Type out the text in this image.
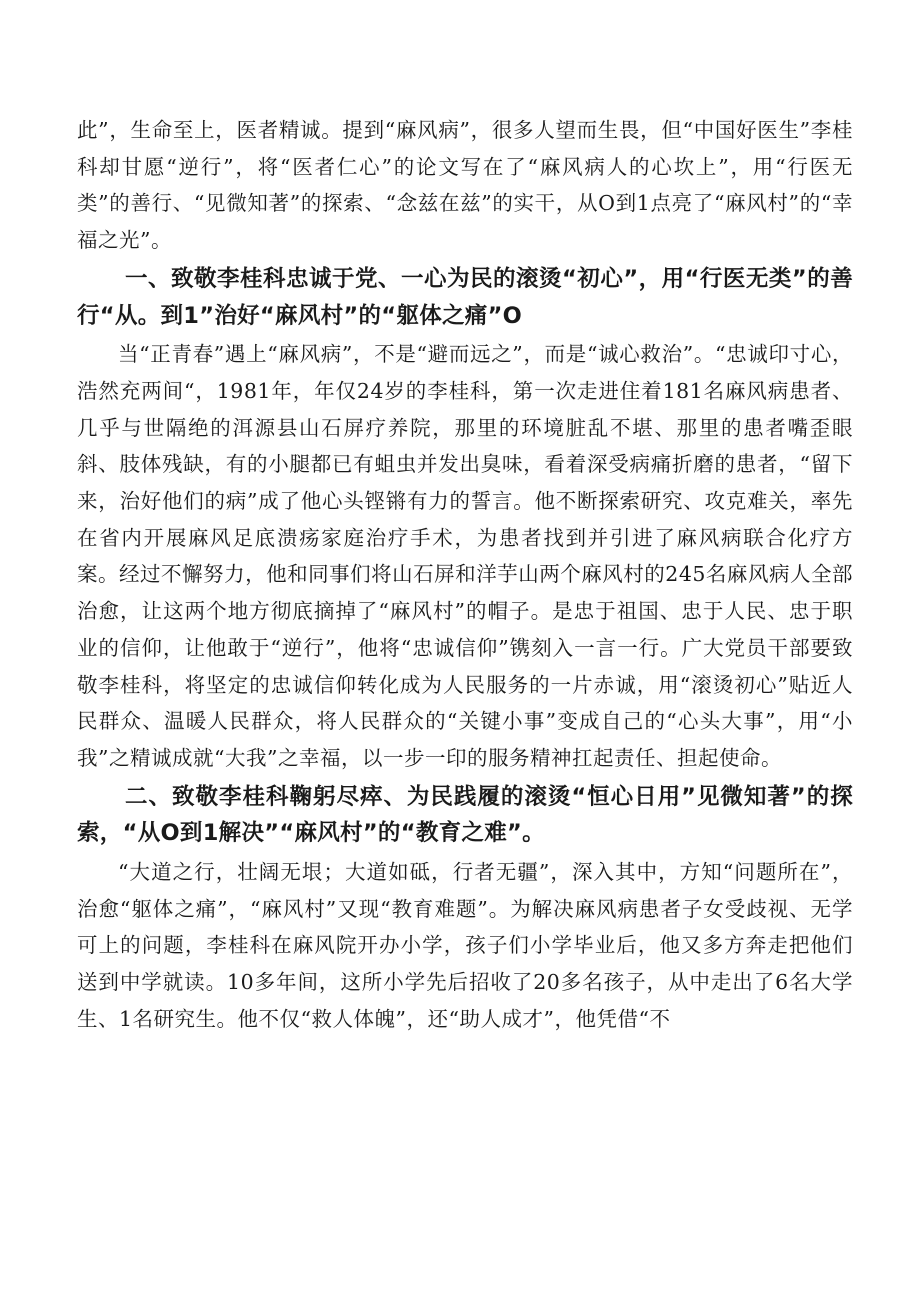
此”，生命至上，医者精诚。提到“麻风病”，很多人望而生畏，但“中国好医生”李桂科却甘愿“逆行”，将“医者仁心”的论文写在了“麻风病人的心坎上”，用“行医无类”的善行、“见微知著”的探索、“念兹在兹”的实干，从O到1点亮了“麻风村”的“幸福之光”。

一、致敬李桂科忠诚于党、一心为民的滚烫“初心”，用“行医无类”的善行“从。到1”治好“麻风村”的“躯体之痛”O

当“正青春”遇上“麻风病”，不是“避而远之”，而是“诚心救治”。“忠诚印寸心，浩然充两间“，1981年，年仅24岁的李桂科，第一次走进住着181名麻风病患者、几乎与世隔绝的洱源县山石屏疗养院，那里的环境脏乱不堪、那里的患者嘴歪眼斜、肢体残缺，有的小腿都已有蛆虫并发出臭味，看着深受病痛折磨的患者，“留下来，治好他们的病”成了他心头铿锵有力的誓言。他不断探索研究、攻克难关，率先在省内开展麻风足底溃疡家庭治疗手术，为患者找到并引进了麻风病联合化疗方案。经过不懈努力，他和同事们将山石屏和洋芋山两个麻风村的245名麻风病人全部治愈，让这两个地方彻底摘掉了“麻风村”的帽子。是忠于祖国、忠于人民、忠于职业的信仰，让他敢于“逆行”，他将“忠诚信仰”镌刻入一言一行。广大党员干部要致敬李桂科，将坚定的忠诚信仰转化成为人民服务的一片赤诚，用“滚烫初心”贴近人民群众、温暖人民群众，将人民群众的“关键小事”变成自己的“心头大事”，用“小我”之精诚成就“大我”之幸福，以一步一印的服务精神扛起责任、担起使命。

二、致敬李桂科鞠躬尽瘁、为民践履的滚烫“恒心日用”见微知著”的探索，“从O到1解决”“麻风村”的“教育之难”。

“大道之行，壮阔无垠；大道如砥，行者无疆”，深入其中，方知“问题所在”，治愈“躯体之痛”，“麻风村”又现“教育难题”。为解决麻风病患者子女受歧视、无学可上的问题，李桂科在麻风院开办小学，孩子们小学毕业后，他又多方奔走把他们送到中学就读。10多年间，这所小学先后招收了20多名孩子，从中走出了6名大学生、1名研究生。他不仅“救人体魄”，还“助人成才”，他凭借“不
